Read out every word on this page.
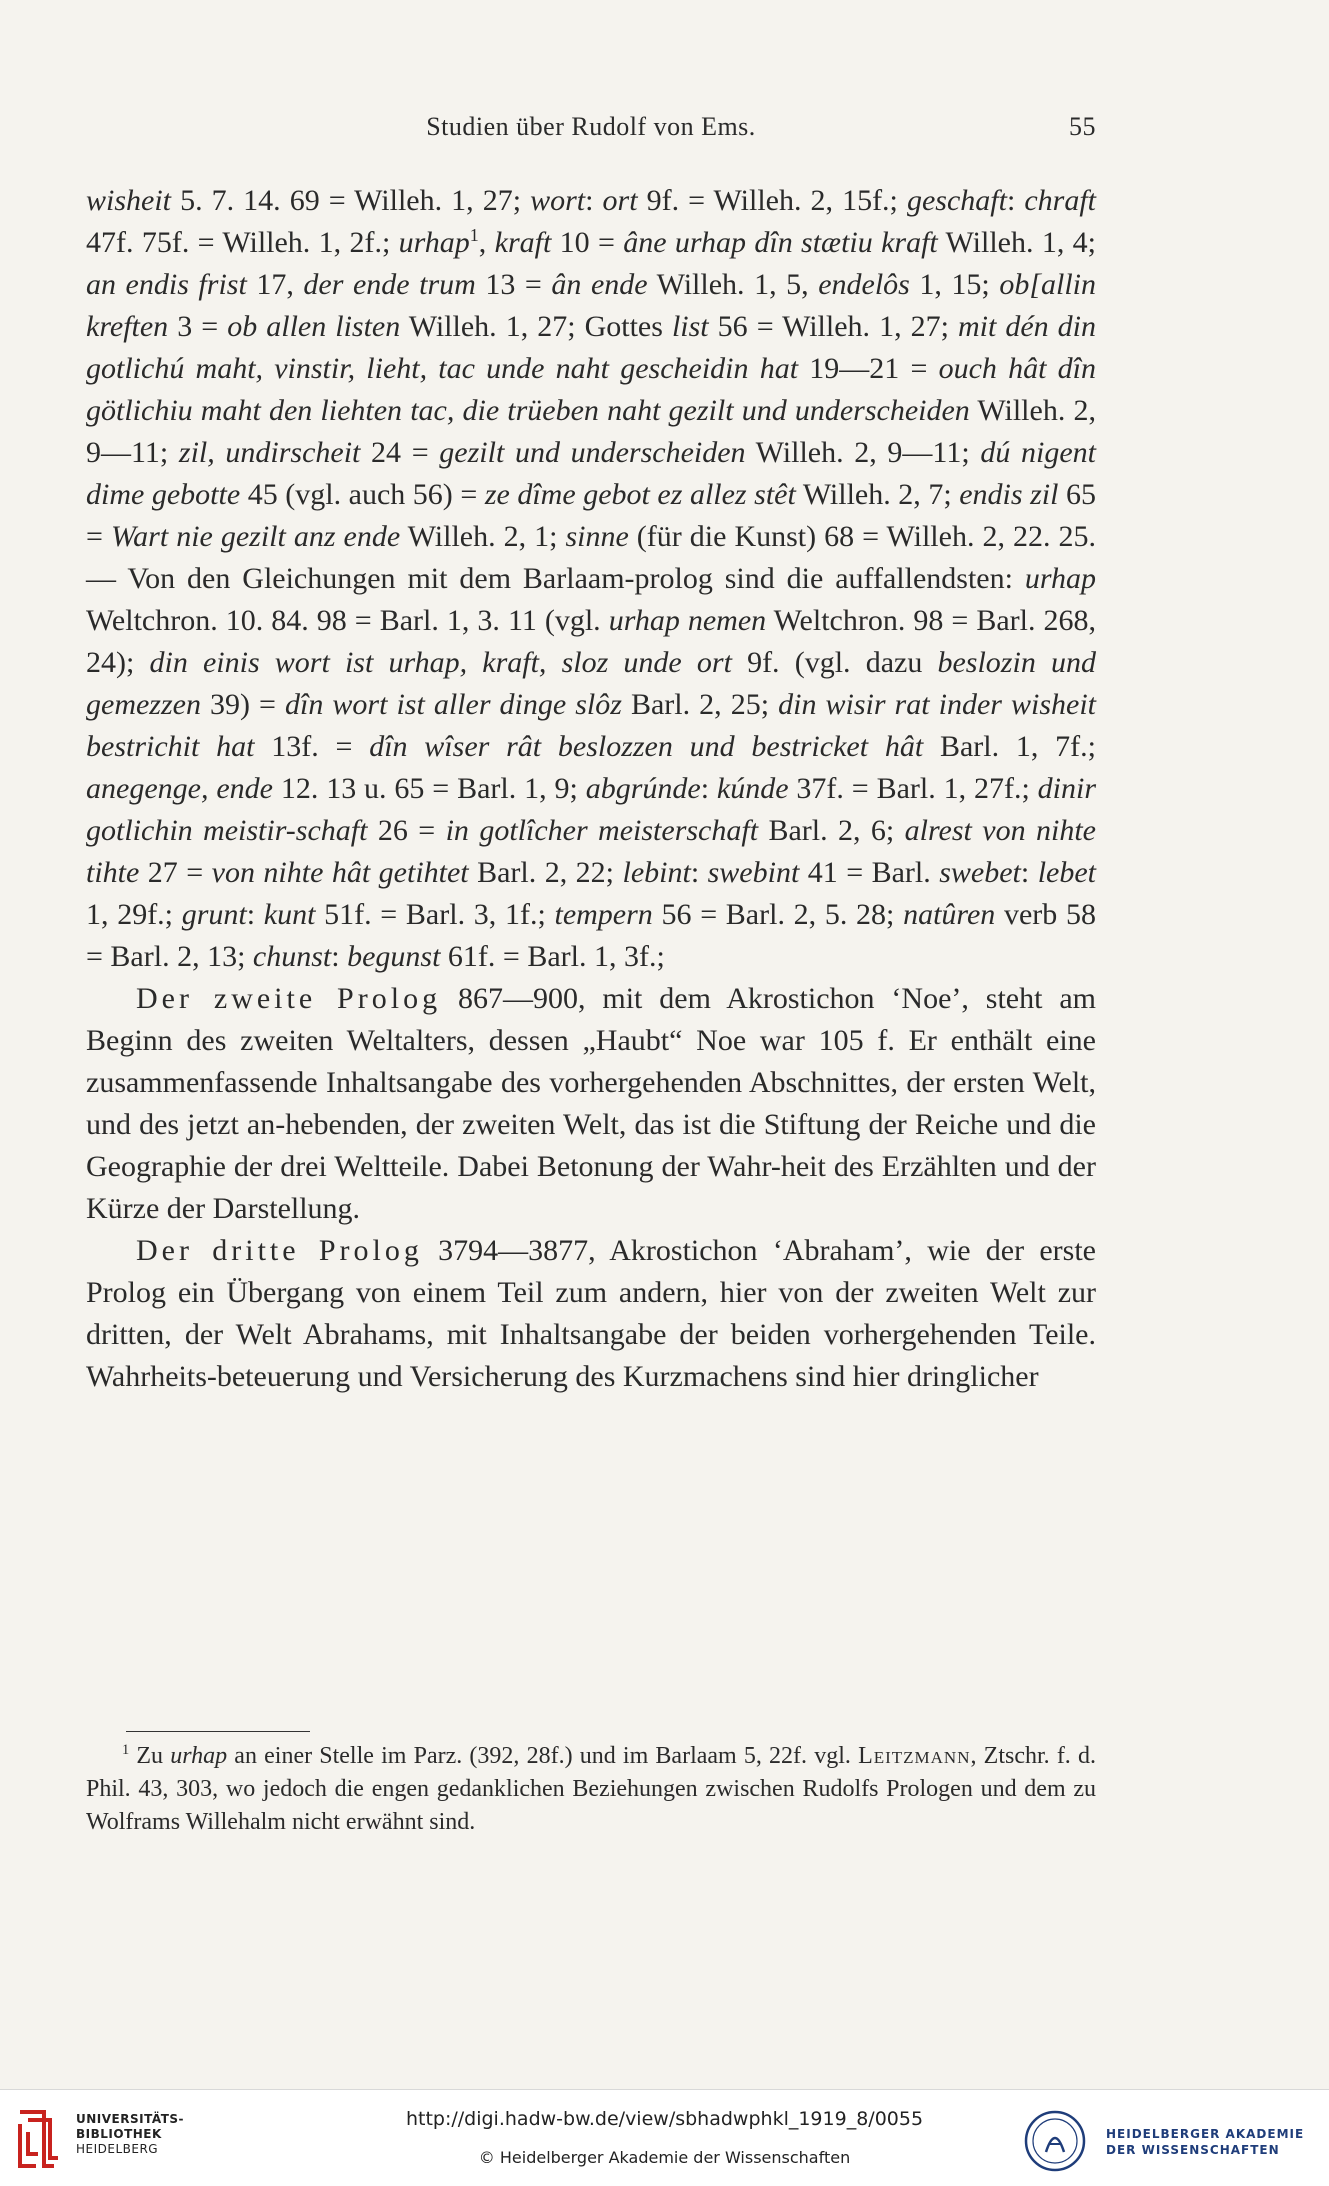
Studien über Rudolf von Ems.	55

wisheit 5. 7. 14. 69 = Willeh. 1, 27; wort: ort 9f. = Willeh. 2, 15f.; geschaft: chraft 47f. 75f. = Willeh. 1, 2f.; urhap$^1$, kraft 10 = âne urhap dîn stætiu kraft Willeh. 1, 4; an endis frist 17, der ende trum 13 = ân ende Willeh. 1, 5, endelôs 1, 15; ob[allin kreften 3 = ob allen listen Willeh. 1, 27; Gottes list 56 = Willeh. 1, 27; mit dén din gotlichú maht, vinstir, lieht, tac unde naht gescheidin hat 19—21 = ouch hât dîn götlichiu maht den liehten tac, die trüeben naht gezilt und underscheiden Willeh. 2, 9—11; zil, undirscheit 24 = gezilt und underscheiden Willeh. 2, 9—11; dú nigent dime gebotte 45 (vgl. auch 56) = ze dîme gebot ez allez stêt Willeh. 2, 7; endis zil 65 = Wart nie gezilt anz ende Willeh. 2, 1; sinne (für die Kunst) 68 = Willeh. 2, 22. 25. — Von den Gleichungen mit dem Barlaam-prolog sind die auffallendsten: urhap Weltchron. 10. 84. 98 = Barl. 1, 3. 11 (vgl. urhap nemen Weltchron. 98 = Barl. 268, 24); din einis wort ist urhap, kraft, sloz unde ort 9f. (vgl. dazu beslozin und gemezzen 39) = dîn wort ist aller dinge slôz Barl. 2, 25; din wisir rat inder wisheit bestrichit hat 13f. = dîn wîser rât beslozzen und bestricket hât Barl. 1, 7f.; anegenge, ende 12. 13 u. 65 = Barl. 1, 9; abgrúnde: kúnde 37f. = Barl. 1, 27f.; dinir gotlichin meistir-schaft 26 = in gotlîcher meisterschaft Barl. 2, 6; alrest von nihte tihte 27 = von nihte hât getihtet Barl. 2, 22; lebint: swebint 41 = Barl. swebet: lebet 1, 29f.; grunt: kunt 51f. = Barl. 3, 1f.; tempern 56 = Barl. 2, 5. 28; natûren verb 58 = Barl. 2, 13; chunst: begunst 61f. = Barl. 1, 3f.;

Der zweite Prolog 867—900, mit dem Akrostichon ‘Noe’, steht am Beginn des zweiten Weltalters, dessen „Haubt“ Noe war 105 f. Er enthält eine zusammenfassende Inhaltsangabe des vorhergehenden Abschnittes, der ersten Welt, und des jetzt an-hebenden, der zweiten Welt, das ist die Stiftung der Reiche und die Geographie der drei Weltteile. Dabei Betonung der Wahr-heit des Erzählten und der Kürze der Darstellung.

Der dritte Prolog 3794—3877, Akrostichon ‘Abraham’, wie der erste Prolog ein Übergang von einem Teil zum andern, hier von der zweiten Welt zur dritten, der Welt Abrahams, mit Inhaltsangabe der beiden vorhergehenden Teile. Wahrheits-beteuerung und Versicherung des Kurzmachens sind hier dringlicher

$^1$ Zu urhap an einer Stelle im Parz. (392, 28f.) und im Barlaam 5, 22f. vgl. Leitzmann, Ztschr. f. d. Phil. 43, 303, wo jedoch die engen gedanklichen Beziehungen zwischen Rudolfs Prologen und dem zu Wolframs Willehalm nicht erwähnt sind.

UNIVERSITÄTS-
BIBLIOTHEK
HEIDELBERG
http://digi.hadw-bw.de/view/sbhadwphkl_1919_8/0055
© Heidelberger Akademie der Wissenschaften
HEIDELBERGER AKADEMIE
DER WISSENSCHAFTEN
